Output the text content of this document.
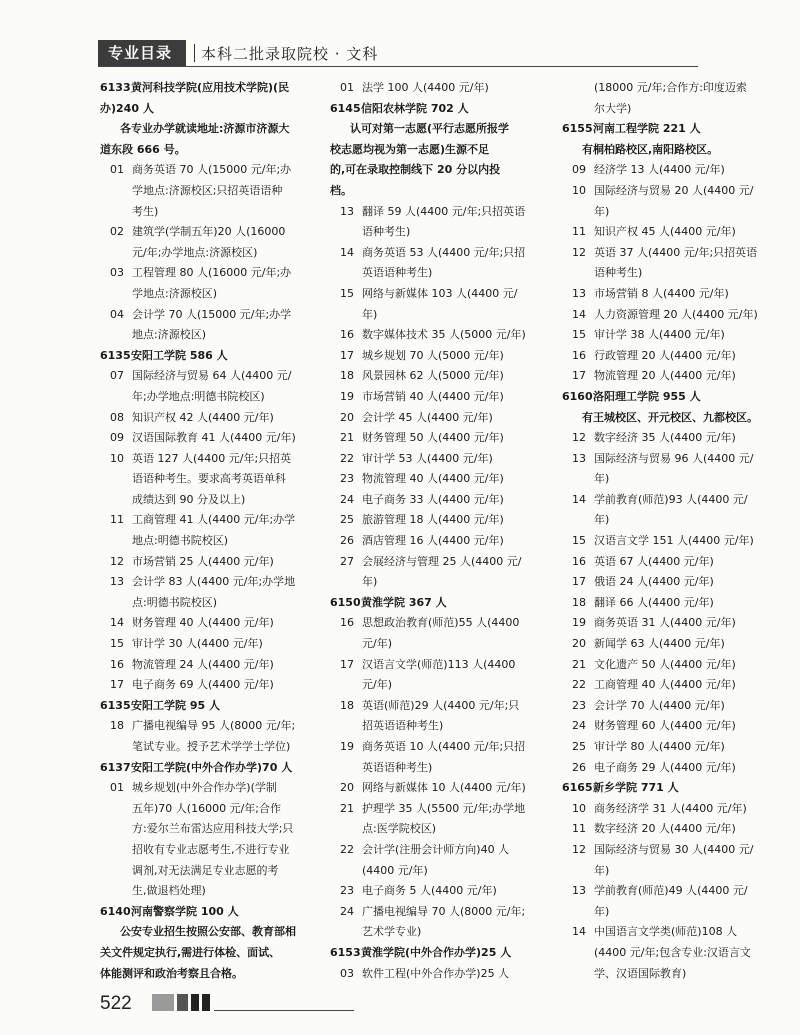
专业目录	本科二批录取院校 · 文科
6133 黄河科技学院(应用技术学院)(民
办)240 人
各专业办学就读地址:济源市济源大
道东段 666 号。
01 商务英语 70 人(15000 元/年;办
学地点:济源校区;只招英语语种
考生)
02 建筑学(学制五年)20 人(16000
元/年;办学地点:济源校区)
03 工程管理 80 人(16000 元/年;办
学地点:济源校区)
04 会计学 70 人(15000 元/年;办学
地点:济源校区)
6135 安阳工学院 586 人
07 国际经济与贸易 64 人(4400 元/
年;办学地点:明德书院校区)
08 知识产权 42 人(4400 元/年)
09 汉语国际教育 41 人(4400 元/年)
10 英语 127 人(4400 元/年;只招英
语语种考生。要求高考英语单科
成绩达到 90 分及以上)
11 工商管理 41 人(4400 元/年;办学
地点:明德书院校区)
12 市场营销 25 人(4400 元/年)
13 会计学 83 人(4400 元/年;办学地
点:明德书院校区)
14 财务管理 40 人(4400 元/年)
15 审计学 30 人(4400 元/年)
16 物流管理 24 人(4400 元/年)
17 电子商务 69 人(4400 元/年)
6135 安阳工学院 95 人
18 广播电视编导 95 人(8000 元/年;
笔试专业。授予艺术学学士学位)
6137 安阳工学院(中外合作办学)70 人
01 城乡规划(中外合作办学)(学制
五年)70 人(16000 元/年;合作
方:爱尔兰布雷达应用科技大学;只
招收有专业志愿考生,不进行专业
调剂,对无法满足专业志愿的考
生,做退档处理)
6140 河南警察学院 100 人
公安专业招生按照公安部、教育部相
关文件规定执行,需进行体检、面试、
体能测评和政治考察且合格。
01 法学 100 人(4400 元/年)
6145 信阳农林学院 702 人
认可对第一志愿(平行志愿所报学
校志愿均视为第一志愿)生源不足
的,可在录取控制线下 20 分以内投
档。
13 翻译 59 人(4400 元/年;只招英语
语种考生)
14 商务英语 53 人(4400 元/年;只招
英语语种考生)
15 网络与新媒体 103 人(4400 元/
年)
16 数字媒体技术 35 人(5000 元/年)
17 城乡规划 70 人(5000 元/年)
18 风景园林 62 人(5000 元/年)
19 市场营销 40 人(4400 元/年)
20 会计学 45 人(4400 元/年)
21 财务管理 50 人(4400 元/年)
22 审计学 53 人(4400 元/年)
23 物流管理 40 人(4400 元/年)
24 电子商务 33 人(4400 元/年)
25 旅游管理 18 人(4400 元/年)
26 酒店管理 16 人(4400 元/年)
27 会展经济与管理 25 人(4400 元/
年)
6150 黄淮学院 367 人
16 思想政治教育(师范)55 人(4400
元/年)
17 汉语言文学(师范)113 人(4400
元/年)
18 英语(师范)29 人(4400 元/年;只
招英语语种考生)
19 商务英语 10 人(4400 元/年;只招
英语语种考生)
20 网络与新媒体 10 人(4400 元/年)
21 护理学 35 人(5500 元/年;办学地
点:医学院校区)
22 会计学(注册会计师方向)40 人
(4400 元/年)
23 电子商务 5 人(4400 元/年)
24 广播电视编导 70 人(8000 元/年;
艺术学专业)
6153 黄淮学院(中外合作办学)25 人
03 软件工程(中外合作办学)25 人
(18000 元/年;合作方:印度迈索
尔大学)
6155 河南工程学院 221 人
有桐柏路校区,南阳路校区。
09 经济学 13 人(4400 元/年)
10 国际经济与贸易 20 人(4400 元/
年)
11 知识产权 45 人(4400 元/年)
12 英语 37 人(4400 元/年;只招英语
语种考生)
13 市场营销 8 人(4400 元/年)
14 人力资源管理 20 人(4400 元/年)
15 审计学 38 人(4400 元/年)
16 行政管理 20 人(4400 元/年)
17 物流管理 20 人(4400 元/年)
6160 洛阳理工学院 955 人
有王城校区、开元校区、九都校区。
12 数字经济 35 人(4400 元/年)
13 国际经济与贸易 96 人(4400 元/
年)
14 学前教育(师范)93 人(4400 元/
年)
15 汉语言文学 151 人(4400 元/年)
16 英语 67 人(4400 元/年)
17 俄语 24 人(4400 元/年)
18 翻译 66 人(4400 元/年)
19 商务英语 31 人(4400 元/年)
20 新闻学 63 人(4400 元/年)
21 文化遗产 50 人(4400 元/年)
22 工商管理 40 人(4400 元/年)
23 会计学 70 人(4400 元/年)
24 财务管理 60 人(4400 元/年)
25 审计学 80 人(4400 元/年)
26 电子商务 29 人(4400 元/年)
6165 新乡学院 771 人
10 商务经济学 31 人(4400 元/年)
11 数字经济 20 人(4400 元/年)
12 国际经济与贸易 30 人(4400 元/
年)
13 学前教育(师范)49 人(4400 元/
年)
14 中国语言文学类(师范)108 人
(4400 元/年;包含专业:汉语言文
学、汉语国际教育)
522
